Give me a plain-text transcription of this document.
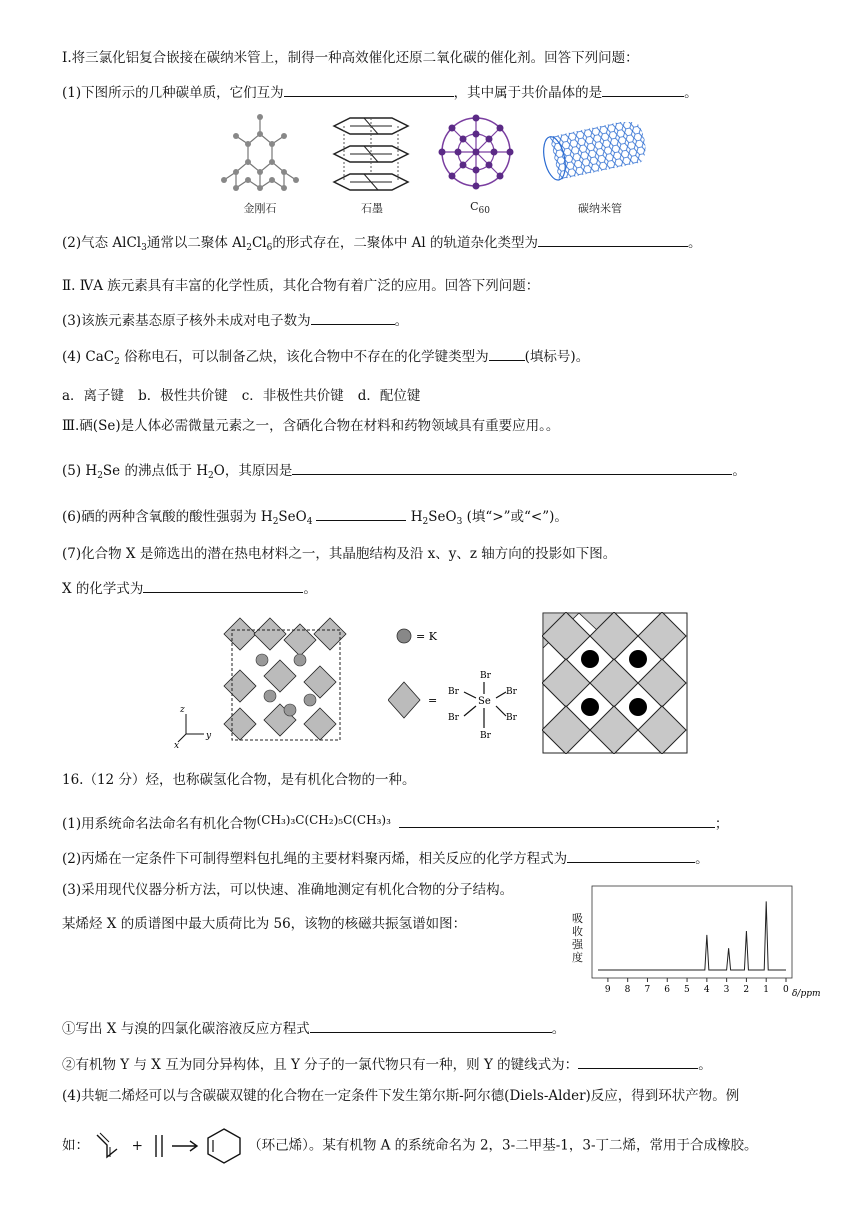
Ⅰ.将三氯化铝复合嵌接在碳纳米管上，制得一种高效催化还原二氧化碳的催化剂。回答下列问题：
(1)下图所示的几种碳单质，它们互为	，其中属于共价晶体的是	。
金刚石	石墨	$C_{60}$	碳纳米管
(2)气态 AlCl$_3$通常以二聚体 $Al_2Cl_6$的形式存在，二聚体中 Al 的轨道杂化类型为	。
Ⅱ. ⅣA 族元素具有丰富的化学性质，其化合物有着广泛的应用。回答下列问题：
(3)该族元素基态原子核外未成对电子数为	。
(4) CaC$_2$ 俗称电石，可以制备乙炔，该化合物中不存在的化学键类型为	(填标号)。
a．离子键 b．极性共价键 c．非极性共价键 d．配位键
Ⅲ.硒(Se)是人体必需微量元素之一，含硒化合物在材料和药物领域具有重要应用。。
(5) $H_2Se$ 的沸点低于 $H_2O$，其原因是	。
(6)硒的两种含氧酸的酸性强弱为 $H_2SeO_4$	$H_2SeO_3$ (填“>”或“<”)。
(7)化合物 X 是筛选出的潜在热电材料之一，其晶胞结构及沿 x、y、z 轴方向的投影如下图。
X 的化学式为	。
z
y
x
= K
=	Se
Br
Br
Br	Br
Br	Br
16.（12 分）烃，也称碳氢化合物，是有机化合物的一种。
(1)用系统命名法命名有机化合物(CH₃)₃C(CH₂)₅C(CH₃)₃	；
(2)丙烯在一定条件下可制得塑料包扎绳的主要材料聚丙烯，相关反应的化学方程式为	。
(3)采用现代仪器分析方法，可以快速、准确地测定有机化合物的分子结构。
某烯烃 X 的质谱图中最大质荷比为 56，该物的核磁共振氢谱如图：	吸
收
强
度
9 8 7 6 5 4 3 2 1 0 δ/ppm
①写出 X 与溴的四氯化碳溶液反应方程式	。
②有机物 Y 与 X 互为同分异构体，且 Y 分子的一氯代物只有一种，则 Y 的键线式为：	。
(4)共轭二烯烃可以与含碳碳双键的化合物在一定条件下发生第尔斯-阿尔德(Diels-Alder)反应，得到环状产物。例
如：	+	（环己烯）。某有机物 A 的系统命名为 2，3-二甲基-1，3-丁二烯，常用于合成橡胶。
